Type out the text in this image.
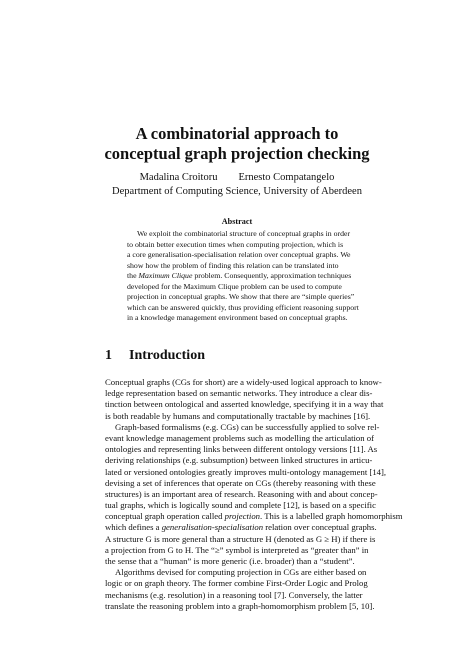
A combinatorial approach to
conceptual graph projection checking
Madalina Croitoru Ernesto Compatangelo
Department of Computing Science, University of Aberdeen
Abstract
We exploit the combinatorial structure of conceptual graphs in order
to obtain better execution times when computing projection, which is
a core generalisation-specialisation relation over conceptual graphs. We
show how the problem of finding this relation can be translated into
the Maximum Clique problem. Consequently, approximation techniques
developed for the Maximum Clique problem can be used to compute
projection in conceptual graphs. We show that there are “simple queries”
which can be answered quickly, thus providing efficient reasoning support
in a knowledge management environment based on conceptual graphs.
1 Introduction
Conceptual graphs (CGs for short) are a widely-used logical approach to know-
ledge representation based on semantic networks. They introduce a clear dis-
tinction between ontological and asserted knowledge, specifying it in a way that
is both readable by humans and computationally tractable by machines [16].
Graph-based formalisms (e.g. CGs) can be successfully applied to solve rel-
evant knowledge management problems such as modelling the articulation of
ontologies and representing links between different ontology versions [11]. As
deriving relationships (e.g. subsumption) between linked structures in articu-
lated or versioned ontologies greatly improves multi-ontology management [14],
devising a set of inferences that operate on CGs (thereby reasoning with these
structures) is an important area of research. Reasoning with and about concep-
tual graphs, which is logically sound and complete [12], is based on a specific
conceptual graph operation called projection. This is a labelled graph homomorphism
which defines a generalisation-specialisation relation over conceptual graphs.
A structure G is more general than a structure H (denoted as G ≥ H) if there is
a projection from G to H. The “≥” symbol is interpreted as “greater than” in
the sense that a “human” is more generic (i.e. broader) than a “student”.
Algorithms devised for computing projection in CGs are either based on
logic or on graph theory. The former combine First-Order Logic and Prolog
mechanisms (e.g. resolution) in a reasoning tool [7]. Conversely, the latter
translate the reasoning problem into a graph-homomorphism problem [5, 10].
